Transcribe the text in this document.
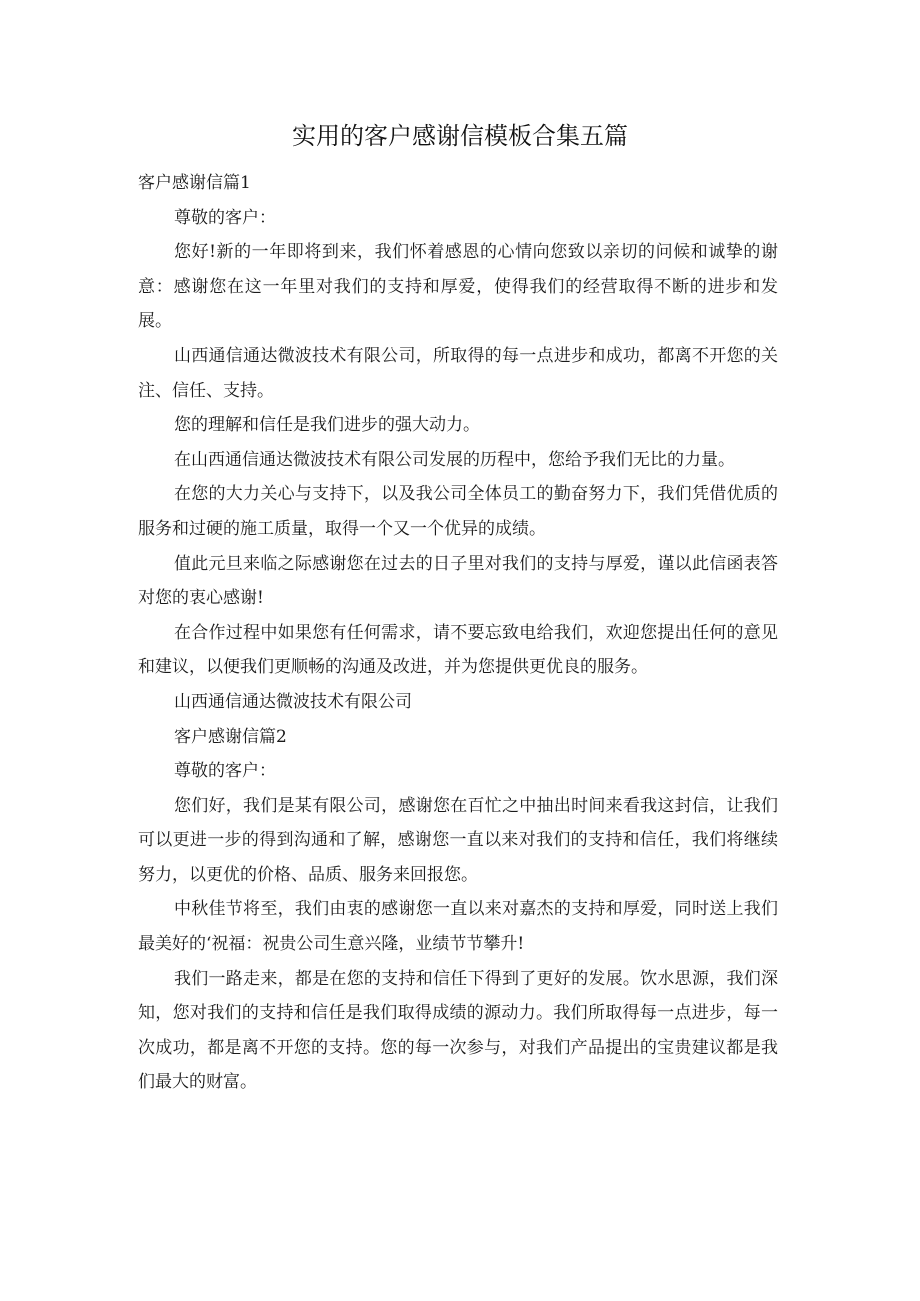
实用的客户感谢信模板合集五篇

客户感谢信篇1

尊敬的客户：

您好!新的一年即将到来，我们怀着感恩的心情向您致以亲切的问候和诚挚的谢意：感谢您在这一年里对我们的支持和厚爱，使得我们的经营取得不断的进步和发展。

山西通信通达微波技术有限公司，所取得的每一点进步和成功，都离不开您的关注、信任、支持。

您的理解和信任是我们进步的强大动力。

在山西通信通达微波技术有限公司发展的历程中，您给予我们无比的力量。

在您的大力关心与支持下，以及我公司全体员工的勤奋努力下，我们凭借优质的服务和过硬的施工质量，取得一个又一个优异的成绩。

值此元旦来临之际感谢您在过去的日子里对我们的支持与厚爱，谨以此信函表答对您的衷心感谢!

在合作过程中如果您有任何需求，请不要忘致电给我们，欢迎您提出任何的意见和建议，以便我们更顺畅的沟通及改进，并为您提供更优良的服务。

山西通信通达微波技术有限公司

客户感谢信篇2

尊敬的客户：

您们好，我们是某有限公司，感谢您在百忙之中抽出时间来看我这封信，让我们可以更进一步的得到沟通和了解，感谢您一直以来对我们的支持和信任，我们将继续努力，以更优的价格、品质、服务来回报您。

中秋佳节将至，我们由衷的感谢您一直以来对嘉杰的支持和厚爱，同时送上我们最美好的‘祝福：祝贵公司生意兴隆，业绩节节攀升!

我们一路走来，都是在您的支持和信任下得到了更好的发展。饮水思源，我们深知，您对我们的支持和信任是我们取得成绩的源动力。我们所取得每一点进步，每一次成功，都是离不开您的支持。您的每一次参与，对我们产品提出的宝贵建议都是我们最大的财富。
